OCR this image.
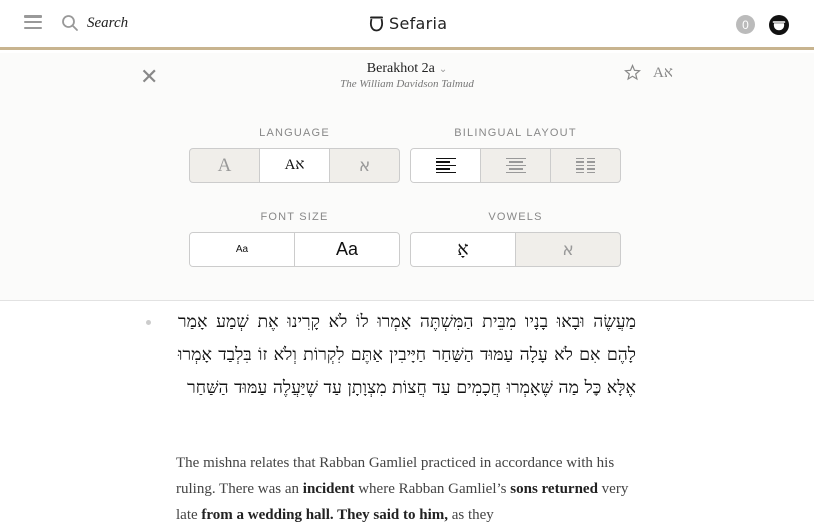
Search	Sefaria	0
✕	Berakhot 2a ⌄
The William Davidson Talmud
Aא
LANGUAGE
A	Aא	א
BILINGUAL LAYOUT
FONT SIZE
Aa	Aa
VOWELS
אָ	א
מַעֲשֶׂה וּבָאוּ בָנָיו מִבֵּית הַמִּשְׁתֶּה אָמְרוּ לוֹ לֹא קָרִינוּ אֶת שְׁמַע אָמַר לָהֶם אִם לֹא עָלָה עַמּוּד הַשַּׁחַר חַיָּיבִין אַתֶּם לִקְרוֹת וְלֹא זוֹ בִּלְבַד אָמְרוּ אֶלָּא כׇּל מַה שֶּׁאָמְרוּ חֲכָמִים עַד חֲצוֹת מִצְוָתָן עַד שֶׁיַּעֲלֶה עַמּוּד הַשַּׁחַר
The mishna relates that Rabban Gamliel practiced in accordance with his ruling. There was an incident where Rabban Gamliel’s sons returned very late from a wedding hall. They said to him, as they
